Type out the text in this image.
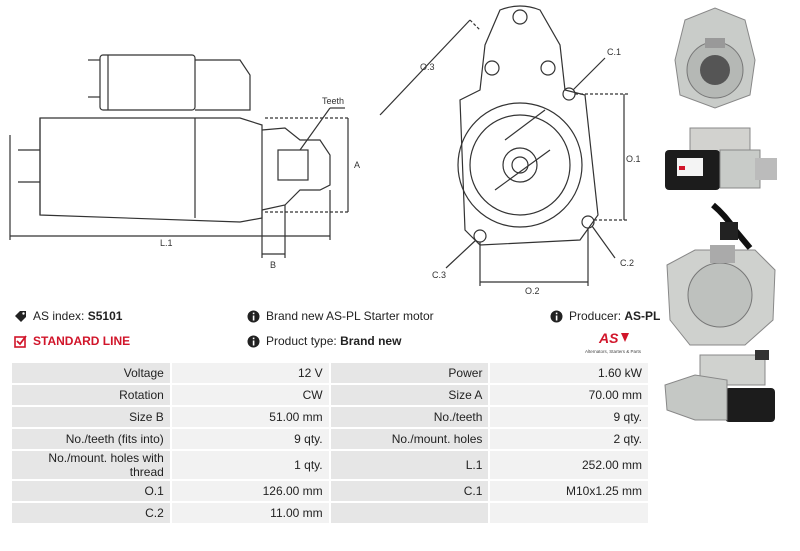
Teeth
A
L.1
B
O.3
C.1
O.1
C.3
C.2
O.2
AS index:
S5101
STANDARD LINE
Brand new AS-PL Starter motor
Product type:
Brand new
Producer:
AS-PL
AS
Alternators, Starters & Parts
Voltage	12 V	Power	1.60 kW
Rotation	CW	Size A	70.00 mm
Size B	51.00 mm	No./teeth	9 qty.
No./teeth (fits into)	9 qty.	No./mount. holes	2 qty.
No./mount. holes with thread	1 qty.	L.1	252.00 mm
O.1	126.00 mm	C.1	M10x1.25 mm
C.2	11.00 mm		
